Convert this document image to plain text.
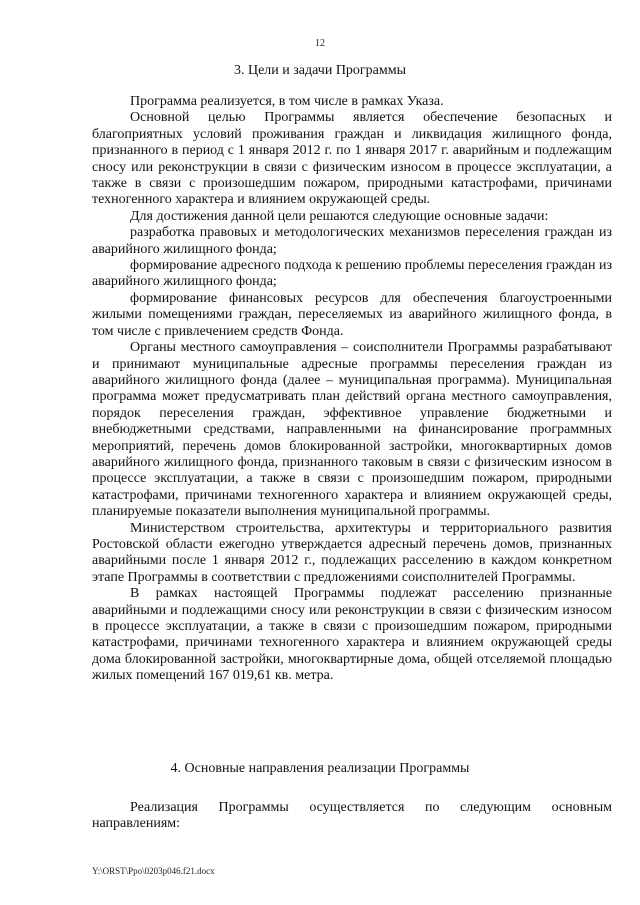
12
3. Цели и задачи Программы

Программа реализуется, в том числе в рамках Указа.

Основной целью Программы является обеспечение безопасных и благоприятных условий проживания граждан и ликвидация жилищного фонда, признанного в период с 1 января 2012 г. по 1 января 2017 г. аварийным и подлежащим сносу или реконструкции в связи с физическим износом в процессе эксплуатации, а также в связи с произошедшим пожаром, природными катастрофами, причинами техногенного характера и влиянием окружающей среды.

Для достижения данной цели решаются следующие основные задачи:

разработка правовых и методологических механизмов переселения граждан из аварийного жилищного фонда;

формирование адресного подхода к решению проблемы переселения граждан из аварийного жилищного фонда;

формирование финансовых ресурсов для обеспечения благоустроенными жилыми помещениями граждан, переселяемых из аварийного жилищного фонда, в том числе с привлечением средств Фонда.

Органы местного самоуправления – соисполнители Программы разрабатывают и принимают муниципальные адресные программы переселения граждан из аварийного жилищного фонда (далее – муниципальная программа). Муниципальная программа может предусматривать план действий органа местного самоуправления, порядок переселения граждан, эффективное управление бюджетными и внебюджетными средствами, направленными на финансирование программных мероприятий, перечень домов блокированной застройки, многоквартирных домов аварийного жилищного фонда, признанного таковым в связи с физическим износом в процессе эксплуатации, а также в связи с произошедшим пожаром, природными катастрофами, причинами техногенного характера и влиянием окружающей среды, планируемые показатели выполнения муниципальной программы.

Министерством строительства, архитектуры и территориального развития Ростовской области ежегодно утверждается адресный перечень домов, признанных аварийными после 1 января 2012 г., подлежащих расселению в каждом конкретном этапе Программы в соответствии с предложениями соисполнителей Программы.

В рамках настоящей Программы подлежат расселению признанные аварийными и подлежащими сносу или реконструкции в связи с физическим износом в процессе эксплуатации, а также в связи с произошедшим пожаром, природными катастрофами, причинами техногенного характера и влиянием окружающей среды дома блокированной застройки, многоквартирные дома, общей отселяемой площадью жилых помещений 167 019,61 кв. метра.

4. Основные направления реализации Программы

Реализация Программы осуществляется по следующим основным направлениям:

Y:\ORST\Ppo\0203p046.f21.docx
